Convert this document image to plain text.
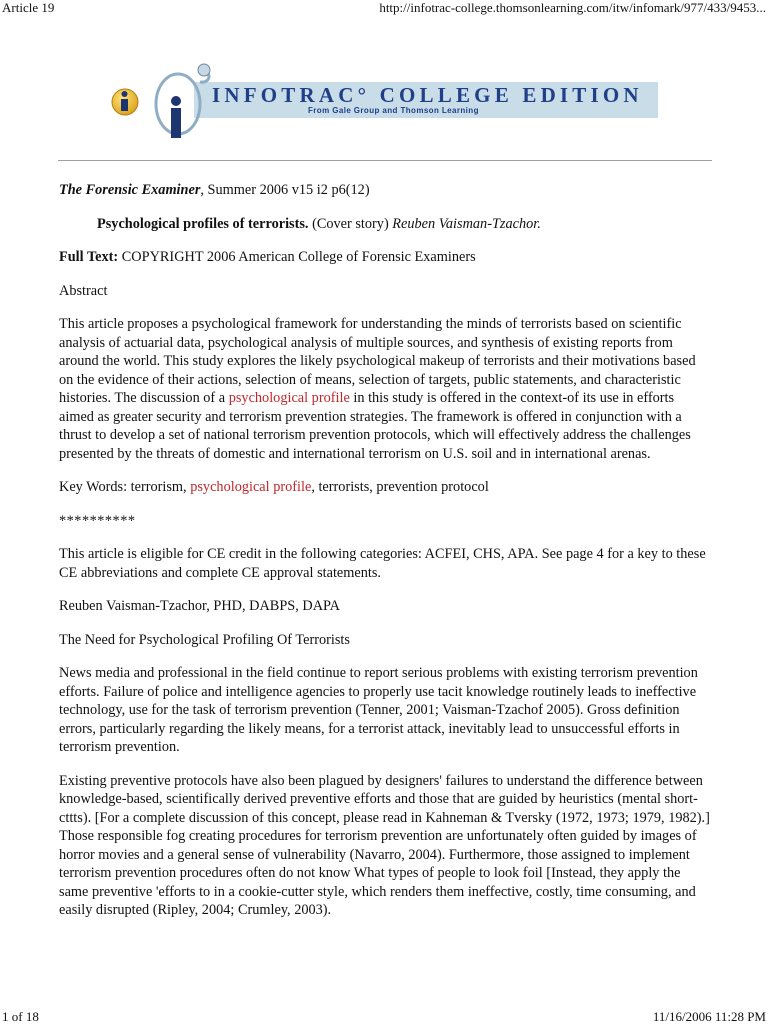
Article 19	http://infotrac-college.thomsonlearning.com/itw/infomark/977/433/9453...
INFOTRAC° COLLEGE EDITION
From Gale Group and Thomson Learning

The Forensic Examiner, Summer 2006 v15 i2 p6(12)

Psychological profiles of terrorists. (Cover story) Reuben Vaisman-Tzachor.

Full Text: COPYRIGHT 2006 American College of Forensic Examiners

Abstract

This article proposes a psychological framework for understanding the minds of terrorists based on scientific analysis of actuarial data, psychological analysis of multiple sources, and synthesis of existing reports from around the world. This study explores the likely psychological makeup of terrorists and their motivations based on the evidence of their actions, selection of means, selection of targets, public statements, and characteristic histories. The discussion of a psychological profile in this study is offered in the context-of its use in efforts aimed as greater security and terrorism prevention strategies. The framework is offered in conjunction with a thrust to develop a set of national terrorism prevention protocols, which will effectively address the challenges presented by the threats of domestic and international terrorism on U.S. soil and in international arenas.

Key Words: terrorism, psychological profile, terrorists, prevention protocol

**********

This article is eligible for CE credit in the following categories: ACFEI, CHS, APA. See page 4 for a key to these CE abbreviations and complete CE approval statements.

Reuben Vaisman-Tzachor, PHD, DABPS, DAPA

The Need for Psychological Profiling Of Terrorists

News media and professional in the field continue to report serious problems with existing terrorism prevention efforts. Failure of police and intelligence agencies to properly use tacit knowledge routinely leads to ineffective technology, use for the task of terrorism prevention (Tenner, 2001; Vaisman-Tzachof 2005). Gross definition errors, particularly regarding the likely means, for a terrorist attack, inevitably lead to unsuccessful efforts in terrorism prevention.

Existing preventive protocols have also been plagued by designers' failures to understand the difference between knowledge-based, scientifically derived preventive efforts and those that are guided by heuristics (mental short-cttts). [For a complete discussion of this concept, please read in Kahneman & Tversky (1972, 1973; 1979, 1982).] Those responsible fog creating procedures for terrorism prevention are unfortunately often guided by images of horror movies and a general sense of vulnerability (Navarro, 2004). Furthermore, those assigned to implement terrorism prevention procedures often do not know What types of people to look foil [Instead, they apply the same preventive 'efforts to in a cookie-cutter style, which renders them ineffective, costly, time consuming, and easily disrupted (Ripley, 2004; Crumley, 2003).

1 of 18	11/16/2006 11:28 PM
